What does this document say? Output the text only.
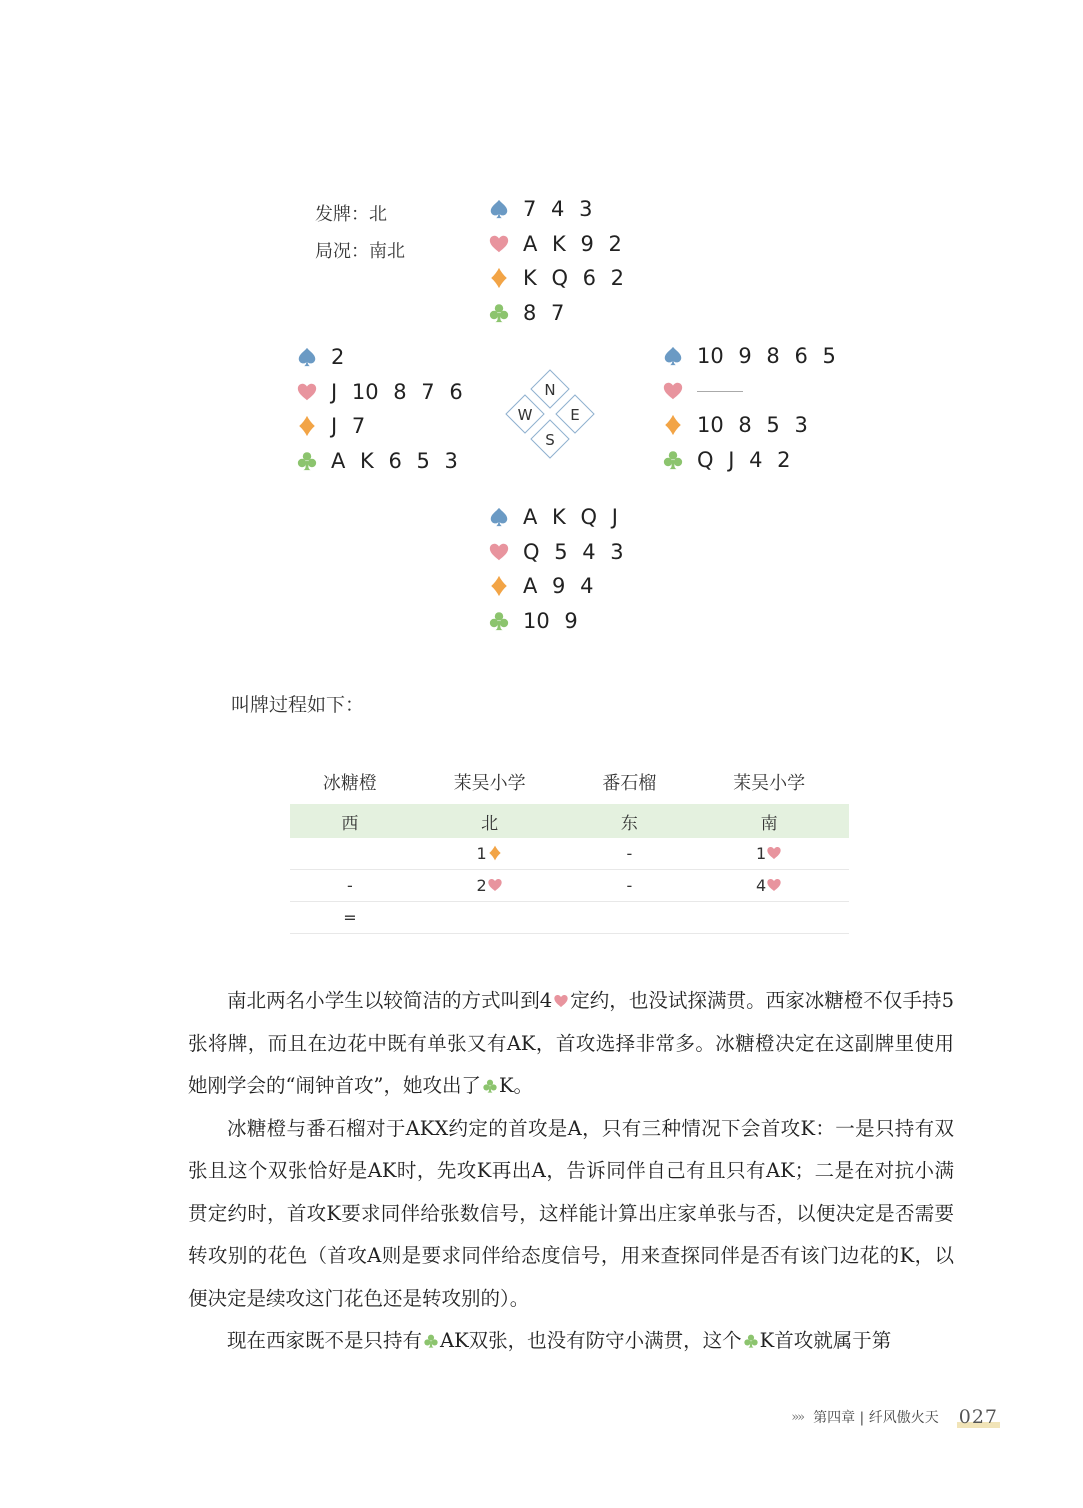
发牌：北
局况：南北
7 4 3
A K 9 2
K Q 6 2
8 7
2
J 10 8 7 6
J 7
A K 6 5 3
N
E
S
W
10 9 8 6 5
10 8 5 3
Q J 4 2
A K Q J
Q 5 4 3
A 9 4
10 9
叫牌过程如下：
冰糖橙	茉吴小学	番石榴	茉吴小学
西	北	东	南
	1	-	1

-	2	-	4

=			

南北两名小学生以较简洁的方式叫到4 定约，也没试探满贯。西家冰糖橙不仅手持5张将牌，而且在边花中既有单张又有AK，首攻选择非常多。冰糖橙决定在这副牌里使用她刚学会的“闹钟首攻”，她攻出了 K。

冰糖橙与番石榴对于AKX约定的首攻是A，只有三种情况下会首攻K：一是只持有双张且这个双张恰好是AK时，先攻K再出A，告诉同伴自己有且只有AK；二是在对抗小满贯定约时，首攻K要求同伴给张数信号，这样能计算出庄家单张与否，以便决定是否需要转攻别的花色（首攻A则是要求同伴给态度信号，用来查探同伴是否有该门边花的K，以便决定是续攻这门花色还是转攻别的）。

现在西家既不是只持有 AK双张，也没有防守小满贯，这个 K首攻就属于第

»» 第四章 | 纤风傲火天 027
